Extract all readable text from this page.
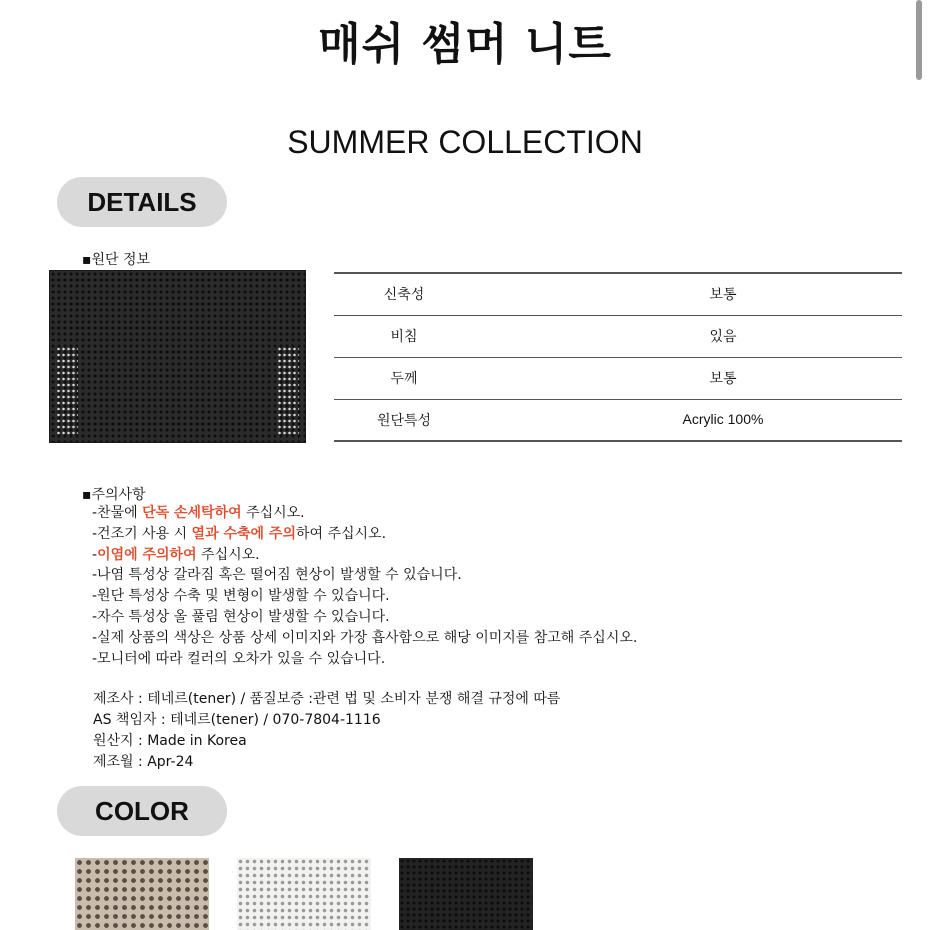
매쉬 썸머 니트
SUMMER COLLECTION
DETAILS
▪원단 정보
신축성	보통
비침	있음
두께	보통
원단특성	Acrylic 100%
▪주의사항
-찬물에 단독 손세탁하여 주십시오.
-건조기 사용 시 열과 수축에 주의하여 주십시오.
-이염에 주의하여 주십시오.
-나염 특성상 갈라짐 혹은 떨어짐 현상이 발생할 수 있습니다.
-원단 특성상 수축 및 변형이 발생할 수 있습니다.
-자수 특성상 올 풀림 현상이 발생할 수 있습니다.
-실제 상품의 색상은 상품 상세 이미지와 가장 흡사함으로 해당 이미지를 참고해 주십시오.
-모니터에 따라 컬러의 오차가 있을 수 있습니다.
제조사 : 테네르(tener) / 품질보증 :관련 법 및 소비자 분쟁 해결 규정에 따름
AS 책임자 : 테네르(tener) / 070-7804-1116
원산지 : Made in Korea
제조월 : Apr-24
COLOR
